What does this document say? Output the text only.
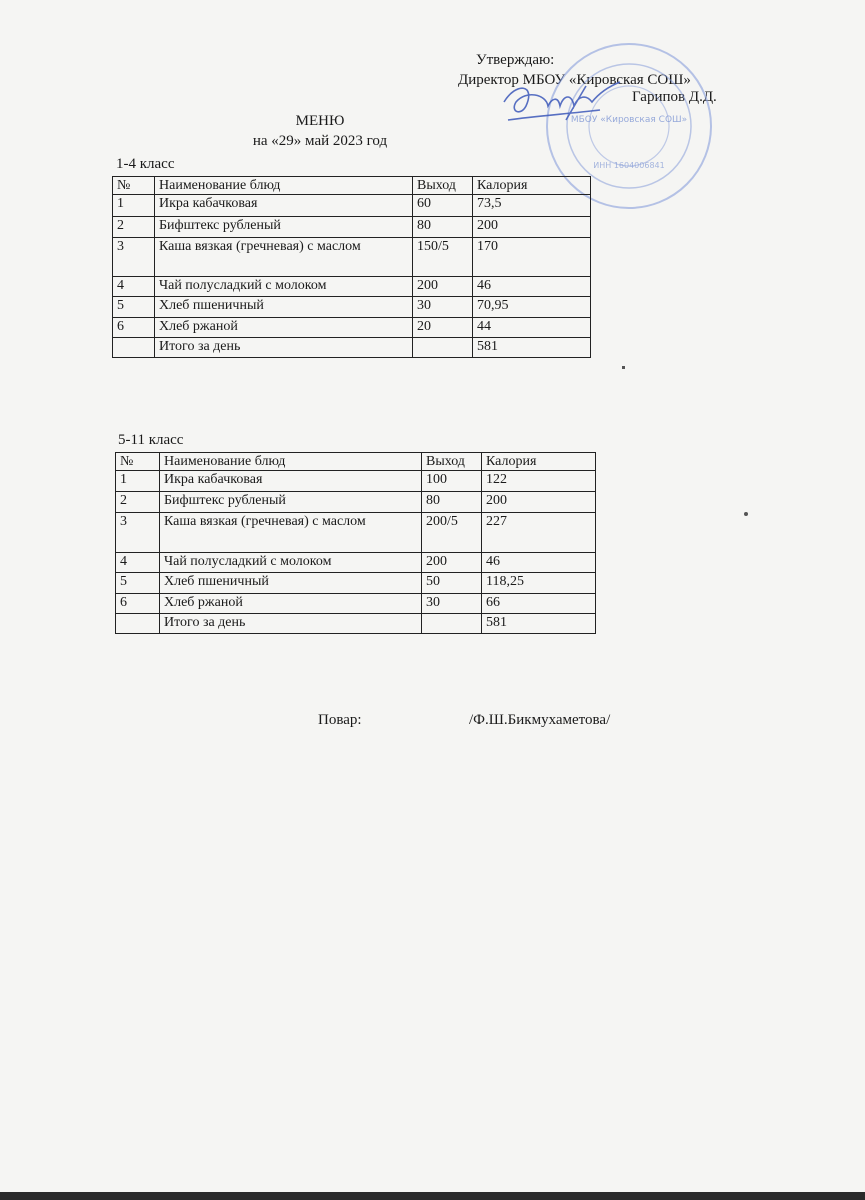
Утверждаю:
Директор МБОУ «Кировская СОШ»
Гарипов Д.Д.
МБОУ «Кировская СОШ»
ИНН 1604006841
МЕНЮ
на «29» май 2023 год
1-4 класс
№	Наименование блюд	Выход	Калория
1	Икра кабачковая	60	73,5
2	Бифштекс рубленый	80	200
3	Каша вязкая (гречневая) с маслом	150/5	170
4	Чай полусладкий с молоком	200	46
5	Хлеб пшеничный	30	70,95
6	Хлеб ржаной	20	44
	Итого за день		581
5-11 класс
№	Наименование блюд	Выход	Калория
1	Икра кабачковая	100	122
2	Бифштекс рубленый	80	200
3	Каша вязкая (гречневая) с маслом	200/5	227
4	Чай полусладкий с молоком	200	46
5	Хлеб пшеничный	50	118,25
6	Хлеб ржаной	30	66
	Итого за день		581
Повар:	/Ф.Ш.Бикмухаметова/
